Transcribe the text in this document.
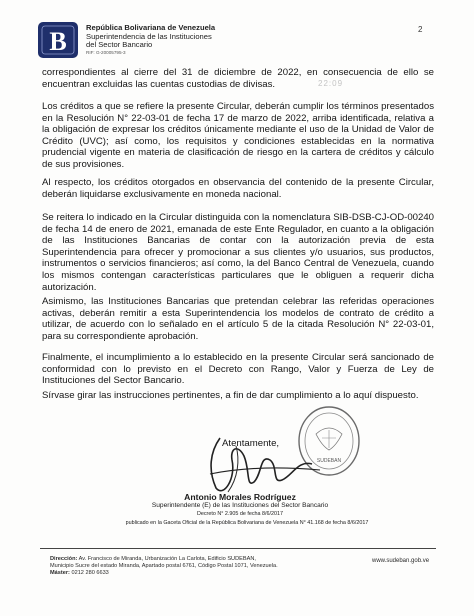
B	República Bolivariana de Venezuela
Superintendencia de las Instituciones
del Sector Bancario
RIF: G-20005795-3
2
22:09

correspondientes al cierre del 31 de diciembre de 2022, en consecuencia de ello se encuentran excluidas las cuentas custodias de divisas.

Los créditos a que se refiere la presente Circular, deberán cumplir los términos presentados en la Resolución N° 22-03-01 de fecha 17 de marzo de 2022, arriba identificada, relativa a la obligación de expresar los créditos únicamente mediante el uso de la Unidad de Valor de Crédito (UVC); así como, los requisitos y condiciones establecidas en la normativa prudencial vigente en materia de clasificación de riesgo en la cartera de créditos y cálculo de sus provisiones.

Al respecto, los créditos otorgados en observancia del contenido de la presente Circular, deberán liquidarse exclusivamente en moneda nacional.

Se reitera lo indicado en la Circular distinguida con la nomenclatura SIB-DSB-CJ-OD-00240 de fecha 14 de enero de 2021, emanada de este Ente Regulador, en cuanto a la obligación de las Instituciones Bancarias de contar con la autorización previa de esta Superintendencia para ofrecer y promocionar a sus clientes y/o usuarios, sus productos, instrumentos o servicios financieros; así como, la del Banco Central de Venezuela, cuando los mismos contengan características particulares que le obliguen a requerir dicha autorización.

Asimismo, las Instituciones Bancarias que pretendan celebrar las referidas operaciones activas, deberán remitir a esta Superintendencia los modelos de contrato de crédito a utilizar, de acuerdo con lo señalado en el artículo 5 de la citada Resolución N° 22-03-01, para su correspondiente aprobación.

Finalmente, el incumplimiento a lo establecido en la presente Circular será sancionado de conformidad con lo previsto en el Decreto con Rango, Valor y Fuerza de Ley de Instituciones del Sector Bancario.

Sírvase girar las instrucciones pertinentes, a fin de dar cumplimiento a lo aquí dispuesto.

Atentamente,
SUDEBAN
Antonio Morales Rodríguez
Superintendente (E) de las Instituciones del Sector Bancario
Decreto N° 2.905 de fecha 8/6/2017
publicado en la Gaceta Oficial de la República Bolivariana de Venezuela N° 41.168 de fecha 8/6/2017
Dirección: Av. Francisco de Miranda, Urbanización La Carlota, Edificio SUDEBAN,
Municipio Sucre del estado Miranda, Apartado postal 6761, Código Postal 1071, Venezuela.
Máster: 0212 280 6633
www.sudeban.gob.ve
